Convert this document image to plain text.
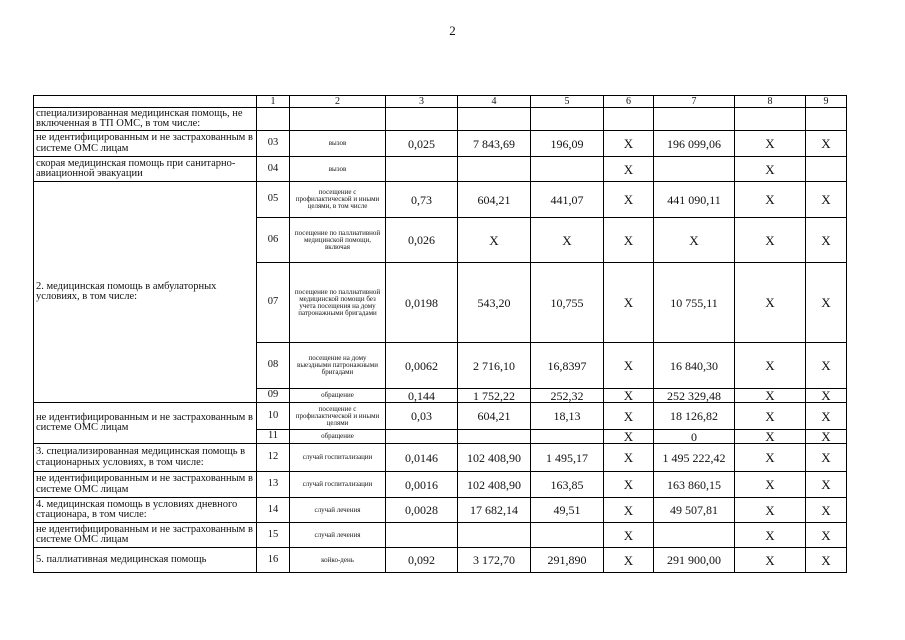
2
	1	2	3	4	5	6	7	8	9
специализированная медицинская помощь, не включенная в ТП ОМС, в том числе:									
не идентифицированным и не застрахованным в системе ОМС лицам	03	вызов	0,025	7 843,69	196,09	Х	196 099,06	Х	Х
скорая медицинская помощь при санитарно-авиационной эвакуации	04	вызов				Х		Х	
2. медицинская помощь в амбулаторных условиях, в том числе:	05	посещение с профилактической и иными целями, в том числе	0,73	604,21	441,07	Х	441 090,11	Х	Х
	06	посещение по паллиативной медицинской помощи, включая	0,026	Х	Х	Х	Х	Х	Х
	07	посещение по паллиативной медицинской помощи без учета посещения на дому патронажными бригадами	0,0198	543,20	10,755	Х	10 755,11	Х	Х
	08	посещение на дому выездными патронажными бригадами	0,0062	2 716,10	16,8397	Х	16 840,30	Х	Х
	09	обращение	0,144	1 752,22	252,32	Х	252 329,48	Х	Х
не идентифицированным и не застрахованным в системе ОМС лицам	10	посещение с профилактической и иными целями	0,03	604,21	18,13	Х	18 126,82	Х	Х
	11	обращение				Х	0	Х	Х
3. специализированная медицинская помощь в стационарных условиях, в том числе:	12	случай госпитализации	0,0146	102 408,90	1 495,17	Х	1 495 222,42	Х	Х
не идентифицированным и не застрахованным в системе ОМС лицам	13	случай госпитализации	0,0016	102 408,90	163,85	Х	163 860,15	Х	Х
4. медицинская помощь в условиях дневного стационара, в том числе:	14	случай лечения	0,0028	17 682,14	49,51	Х	49 507,81	Х	Х
не идентифицированным и не застрахованным в системе ОМС лицам	15	случай лечения				Х		Х	Х
5. паллиативная медицинская помощь	16	койко-день	0,092	3 172,70	291,890	Х	291 900,00	Х	Х
